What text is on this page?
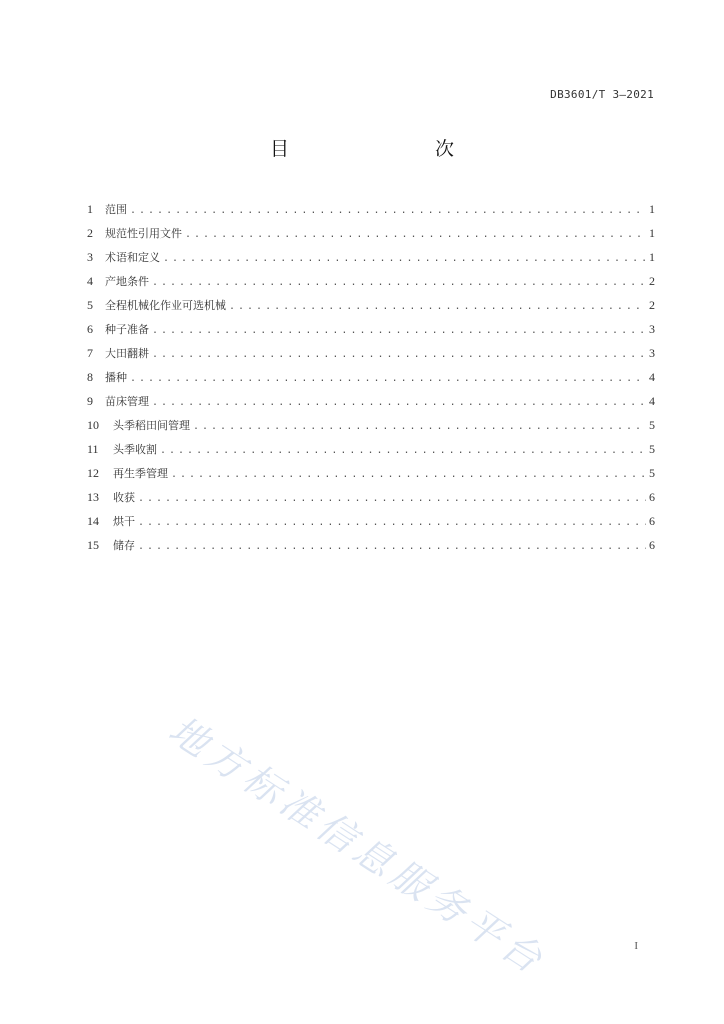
DB3601/T 3—2021
目　　次
1	范围 .....	1
2	规范性引用文件 .....	1
3	术语和定义 .....	1
4	产地条件 .....	2
5	全程机械化作业可选机械 .....	2
6	种子准备 .....	3
7	大田翻耕 .....	3
8	播种 .....	4
9	苗床管理 .....	4
10	头季稻田间管理 .....	5
11	头季收割 .....	5
12	再生季管理 .....	5
13	收获 .....	6
14	烘干 .....	6
15	储存 .....	6
地方标准信息服务平台	I
